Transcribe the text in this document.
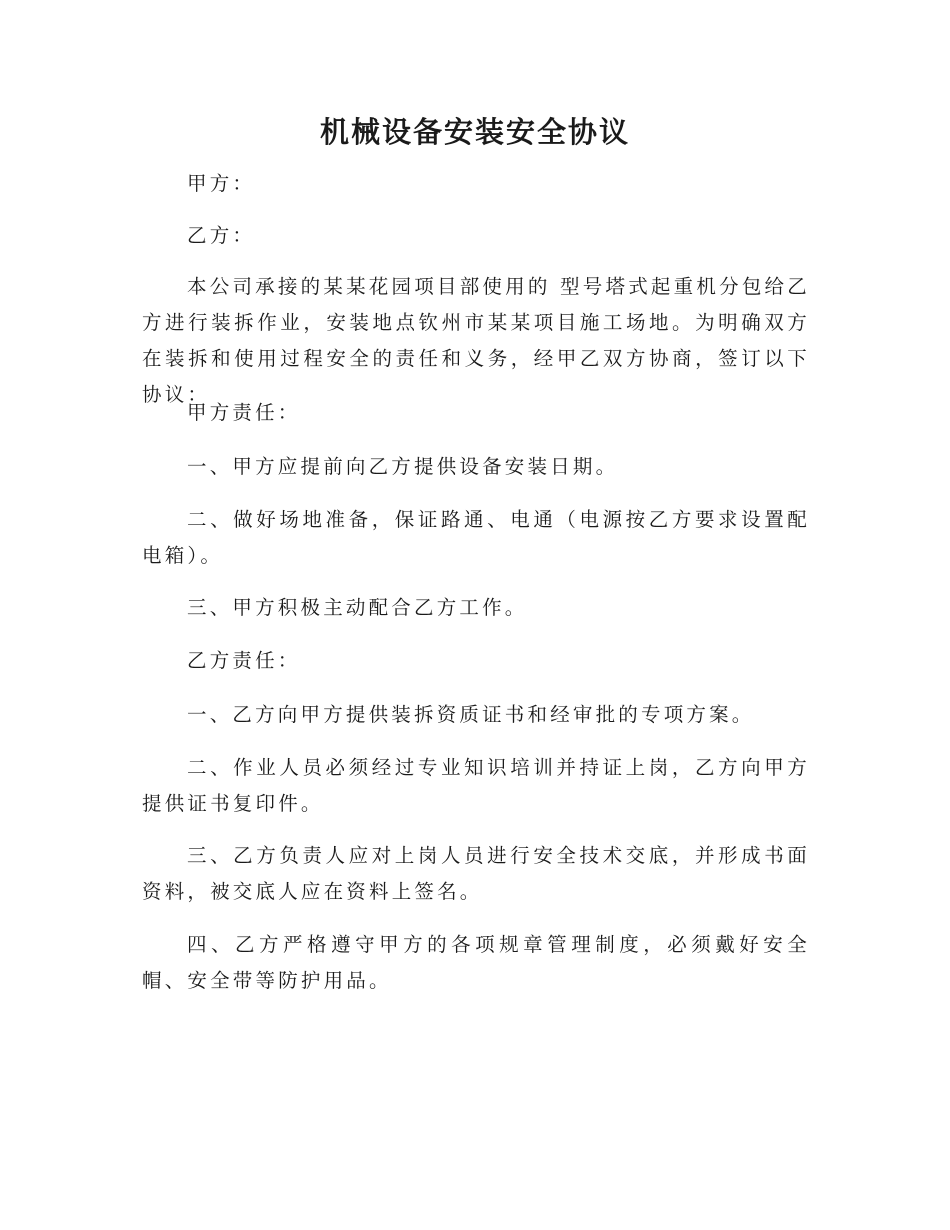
机械设备安装安全协议

甲方：

乙方：

本公司承接的某某花园项目部使用的 型号塔式起重机分包给乙方进行装拆作业，安装地点钦州市某某项目施工场地。为明确双方在装拆和使用过程安全的责任和义务，经甲乙双方协商，签订以下协议：

甲方责任：

一、甲方应提前向乙方提供设备安装日期。

二、做好场地准备，保证路通、电通（电源按乙方要求设置配电箱）。

三、甲方积极主动配合乙方工作。

乙方责任：

一、乙方向甲方提供装拆资质证书和经审批的专项方案。

二、作业人员必须经过专业知识培训并持证上岗，乙方向甲方提供证书复印件。

三、乙方负责人应对上岗人员进行安全技术交底，并形成书面资料，被交底人应在资料上签名。

四、乙方严格遵守甲方的各项规章管理制度，必须戴好安全帽、安全带等防护用品。
